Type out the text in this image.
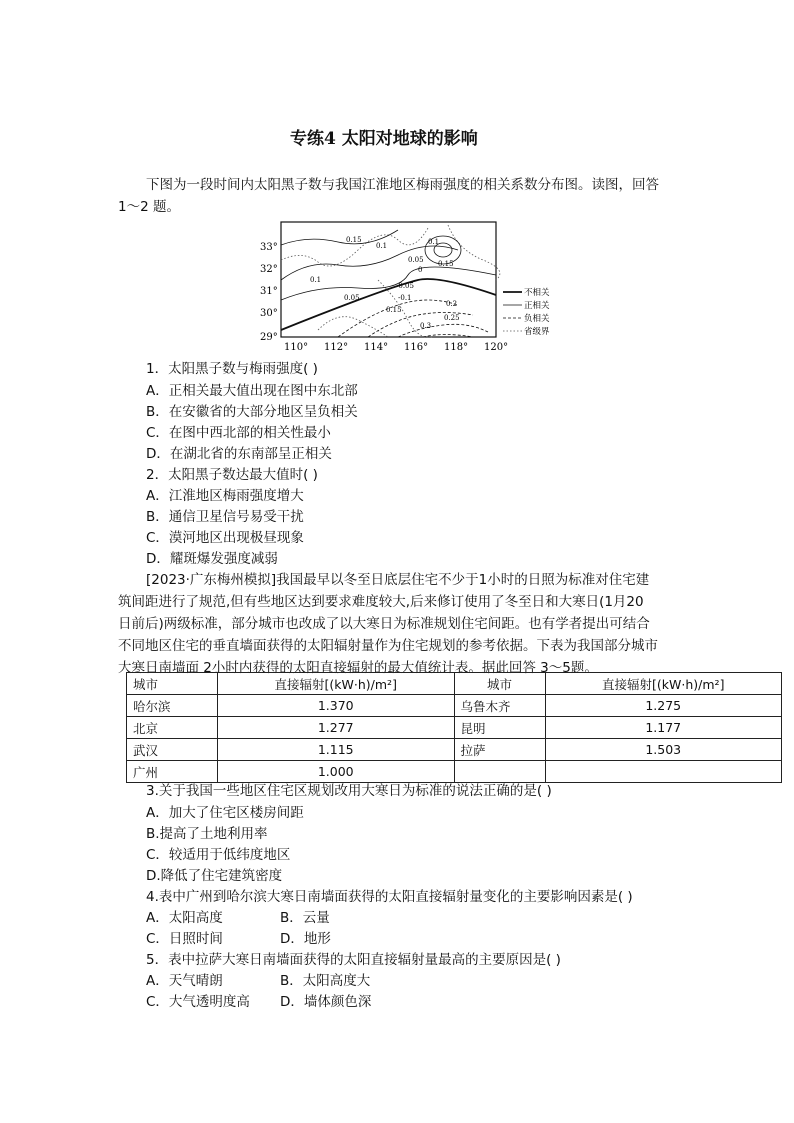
专练4 太阳对地球的影响
下图为一段时间内太阳黑子数与我国江淮地区梅雨强度的相关系数分布图。读图，回答
1～2 题。
0.15
0.1
0.1
0.05
0
0.05 0.15
-0.05
0.1
-0.1
0.15
0.2
0.25
0.3
33°
32°
31°
30°
29°
110° 112° 114° 116° 118° 120°
不相关
正相关
负相关
省级界
1．太阳黑子数与梅雨强度( )
A．正相关最大值出现在图中东北部
B．在安徽省的大部分地区呈负相关
C．在图中西北部的相关性最小
D．在湖北省的东南部呈正相关
2．太阳黑子数达最大值时( )
A．江淮地区梅雨强度增大
B．通信卫星信号易受干扰
C．漠河地区出现极昼现象
D．耀斑爆发强度减弱
[2023·广东梅州模拟]我国最早以冬至日底层住宅不少于1小时的日照为标准对住宅建
筑间距进行了规范,但有些地区达到要求难度较大,后来修订使用了冬至日和大寒日(1月20
日前后)两级标准，部分城市也改成了以大寒日为标准规划住宅间距。也有学者提出可结合
不同地区住宅的垂直墙面获得的太阳辐射量作为住宅规划的参考依据。下表为我国部分城市
大寒日南墙面 2小时内获得的太阳直接辐射的最大值统计表。据此回答 3～5题。
城市	直接辐射[(kW·h)/m²]	城市	直接辐射[(kW·h)/m²]
哈尔滨	1.370	乌鲁木齐	1.275
北京	1.277	昆明	1.177
武汉	1.115	拉萨	1.503
广州	1.000		
3.关于我国一些地区住宅区规划改用大寒日为标准的说法正确的是( )
A．加大了住宅区楼房间距
B.提高了土地利用率
C．较适用于低纬度地区
D.降低了住宅建筑密度
4.表中广州到哈尔滨大寒日南墙面获得的太阳直接辐射量变化的主要影响因素是( )
A．太阳高度	B．云量
C．日照时间	D．地形
5．表中拉萨大寒日南墙面获得的太阳直接辐射量最高的主要原因是( )
A．天气晴朗	B．太阳高度大
C．大气透明度高 D．墙体颜色深
